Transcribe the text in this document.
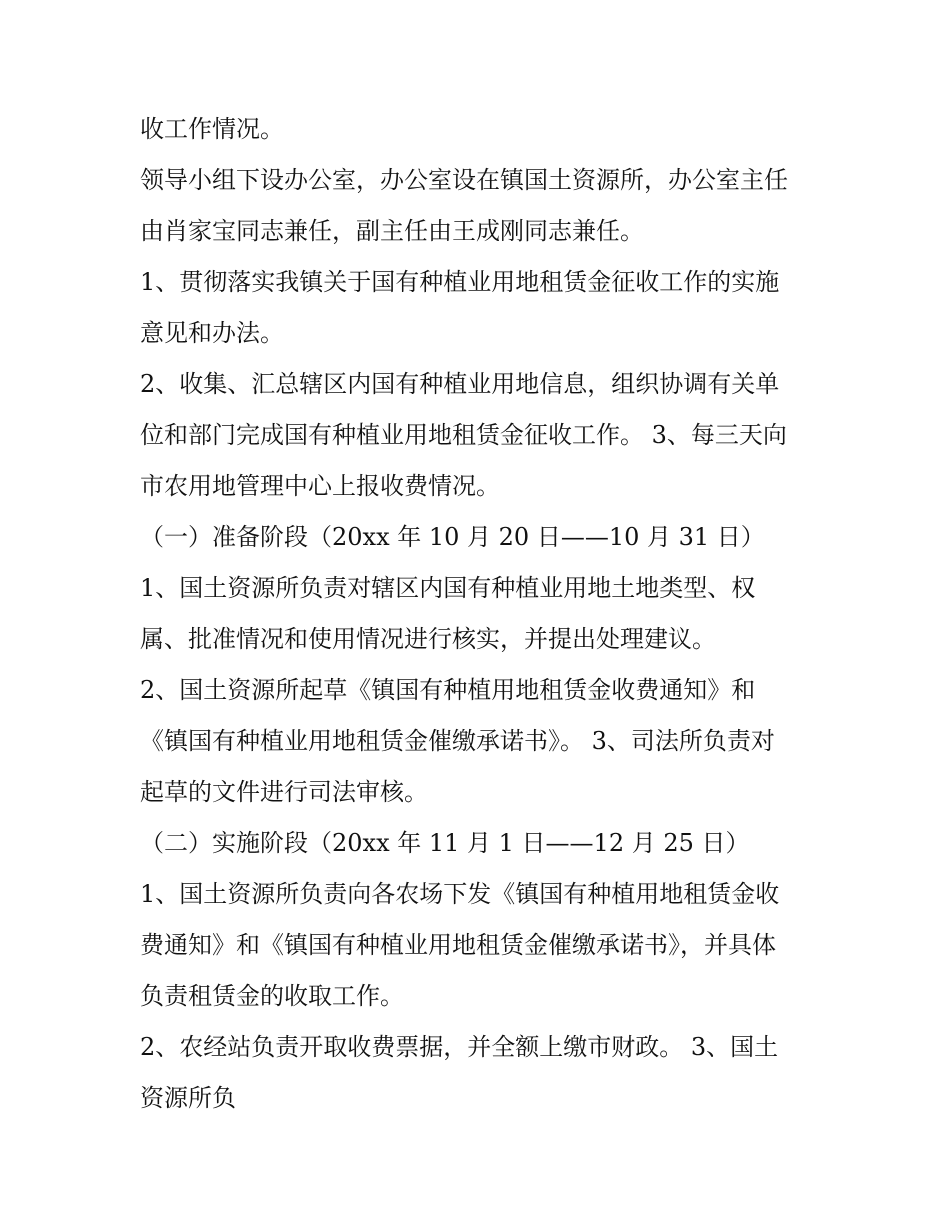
收工作情况。
领导小组下设办公室，办公室设在镇国土资源所，办公室主任
由肖家宝同志兼任，副主任由王成刚同志兼任。
1、贯彻落实我镇关于国有种植业用地租赁金征收工作的实施
意见和办法。
2、收集、汇总辖区内国有种植业用地信息，组织协调有关单
位和部门完成国有种植业用地租赁金征收工作。 3、每三天向
市农用地管理中心上报收费情况。
（一）准备阶段（20xx 年 10 月 20 日——10 月 31 日）
1、国土资源所负责对辖区内国有种植业用地土地类型、权
属、批准情况和使用情况进行核实，并提出处理建议。
2、国土资源所起草《镇国有种植用地租赁金收费通知》和
《镇国有种植业用地租赁金催缴承诺书》。 3、司法所负责对
起草的文件进行司法审核。
（二）实施阶段（20xx 年 11 月 1 日——12 月 25 日）
1、国土资源所负责向各农场下发《镇国有种植用地租赁金收
费通知》和《镇国有种植业用地租赁金催缴承诺书》，并具体
负责租赁金的收取工作。
2、农经站负责开取收费票据，并全额上缴市财政。 3、国土
资源所负
